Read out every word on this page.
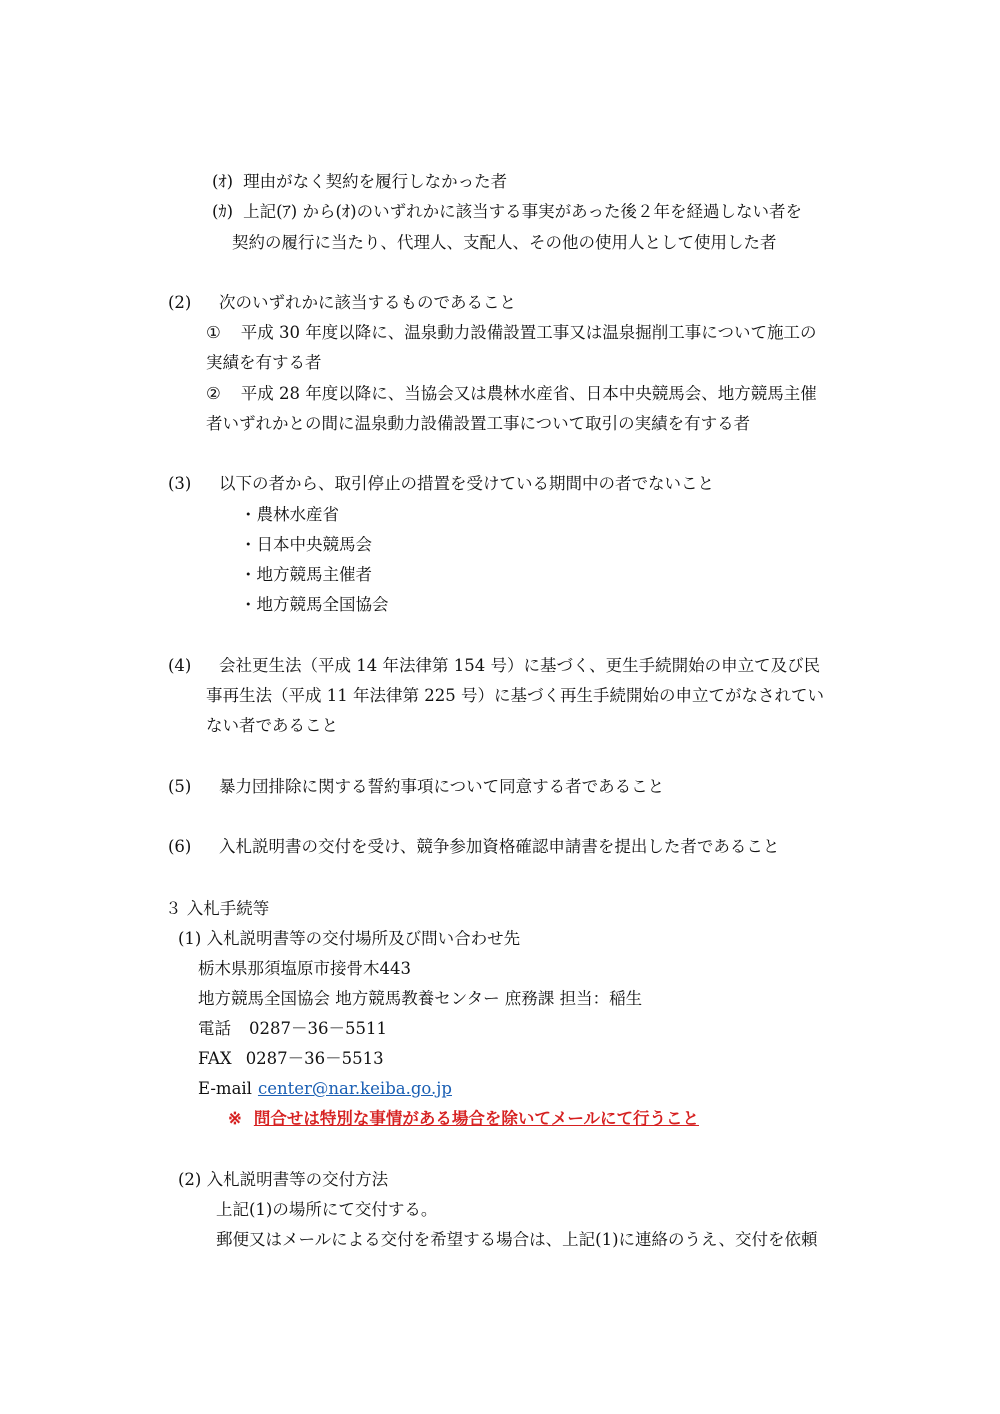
(ｵ) 理由がなく契約を履行しなかった者
(ｶ) 上記(ｱ) から(ｵ)のいずれかに該当する事実があった後２年を経過しない者を
契約の履行に当たり、代理人、支配人、その他の使用人として使用した者
(2) 次のいずれかに該当するものであること
① 平成 30 年度以降に、温泉動力設備設置工事又は温泉掘削工事について施工の
実績を有する者
② 平成 28 年度以降に、当協会又は農林水産省、日本中央競馬会、地方競馬主催
者いずれかとの間に温泉動力設備設置工事について取引の実績を有する者
(3) 以下の者から、取引停止の措置を受けている期間中の者でないこと
・農林水産省
・日本中央競馬会
・地方競馬主催者
・地方競馬全国協会
(4) 会社更生法（平成 14 年法律第 154 号）に基づく、更生手続開始の申立て及び民
事再生法（平成 11 年法律第 225 号）に基づく再生手続開始の申立てがなされてい
ない者であること
(5) 暴力団排除に関する誓約事項について同意する者であること
(6) 入札説明書の交付を受け、競争参加資格確認申請書を提出した者であること
３ 入札手続等
(1) 入札説明書等の交付場所及び問い合わせ先
栃木県那須塩原市接骨木443
地方競馬全国協会 地方競馬教養センター 庶務課 担当：稲生
電話 0287－36－5511
FAX 0287－36－5513
E-mail center@nar.keiba.go.jp
※ 問合せは特別な事情がある場合を除いてメールにて行うこと
(2) 入札説明書等の交付方法
上記(1)の場所にて交付する。
郵便又はメールによる交付を希望する場合は、上記(1)に連絡のうえ、交付を依頼
